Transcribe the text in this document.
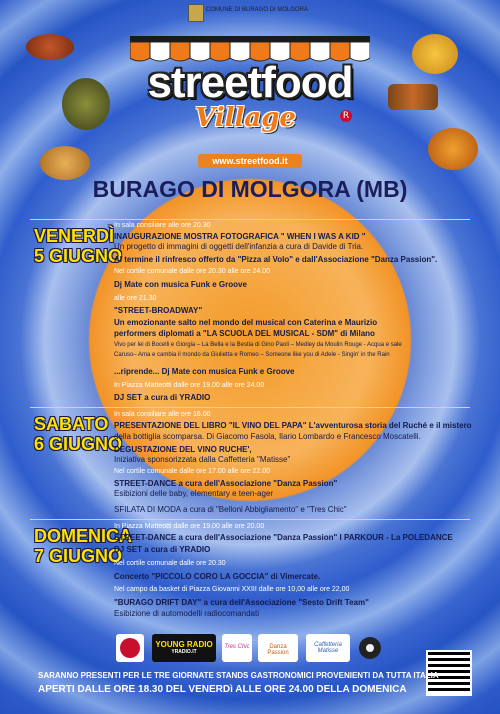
COMUNE DI BURAGO DI MOLGORA
streetfood
Village	R
www.streetfood.it
BURAGO DI MOLGORA (MB)
VENERDÌ
5 GIUGNO
In sala consiliare alle ore 20.30
INAUGURAZIONE MOSTRA FOTOGRAFICA " WHEN I WAS A KID "
Un progetto di immagini di oggetti dell'infanzia a cura di Davide di Tria.
Al termine il rinfresco offerto da "Pizza al Volo" e dall'Associazione "Danza Passion".
Nel cortile comunale dalle ore 20.30 alle ore 24.00
Dj Mate con musica Funk e Groove
alle ore 21.30
"STREET-BROADWAY"
Un emozionante salto nel mondo del musical con Caterina e Maurizio
performers diplomati a "LA SCUOLA DEL MUSICAL - SDM" di Milano
Vivo per lei di Bocelli e Giorgia – La Bella e la Bestia di Gino Paoli – Medley da Moulin Rouge - Acqua e sale
Caruso– Ama e cambia il mondo da Giulietta e Romeo – Someone like you di Adele - Singin' in the Rain
...riprende... Dj Mate con musica Funk e Groove
In Piazza Matteotti dalle ore 19.00 alle ore 24.00
DJ SET a cura di YRADIO
SABATO
6 GIUGNO
In sala consiliare alle ore 16.00
PRESENTAZIONE DEL LIBRO "IL VINO DEL PAPA" L'avventurosa storia del Ruché e il mistero
della bottiglia scomparsa. Di Giacomo Fasola, Ilario Lombardo e Francesco Moscatelli.
DEGUSTAZIONE DEL VINO RUCHE',
Iniziativa sponsorizzata dalla Caffetteria "Matisse"
Nel cortile comunale dalle ore 17.00 alle ore 22.00
STREET-DANCE a cura dell'Associazione "Danza Passion"
Esibizioni delle baby, elementary e teen-ager
SFILATA DI MODA a cura di "Belloni Abbigliamento" e "Tres Chic"
DOMENICA
7 GIUGNO
In Piazza Matteotti dalle ore 19.00 alle ore 20.00
STREET-DANCE a cura dell'Associazione "Danza Passion" I PARKOUR - La POLEDANCE
DJ SET a cura di YRADIO
Nel cortile comunale dalle ore 20.30
Concerto "PICCOLO CORO LA GOCCIA" di Vimercate.
Nel campo da basket di Piazza Giovanni XXIII dalle ore 10,00 alle ore 22,00
"BURAGO DRIFT DAY" a cura dell'Associazione "Sesto Drift Team"
Esibizione di automodelli radiocomandati
YOUNG RADIO
YRADIO.IT
Tres Chic	Danza Passion
Caffetteria Matisse
SARANNO PRESENTI PER LE TRE GIORNATE STANDS GASTRONOMICI PROVENIENTI DA TUTTA ITALIA
APERTI DALLE ORE 18.30 DEL VENERDì ALLE ORE 24.00 DELLA DOMENICA
